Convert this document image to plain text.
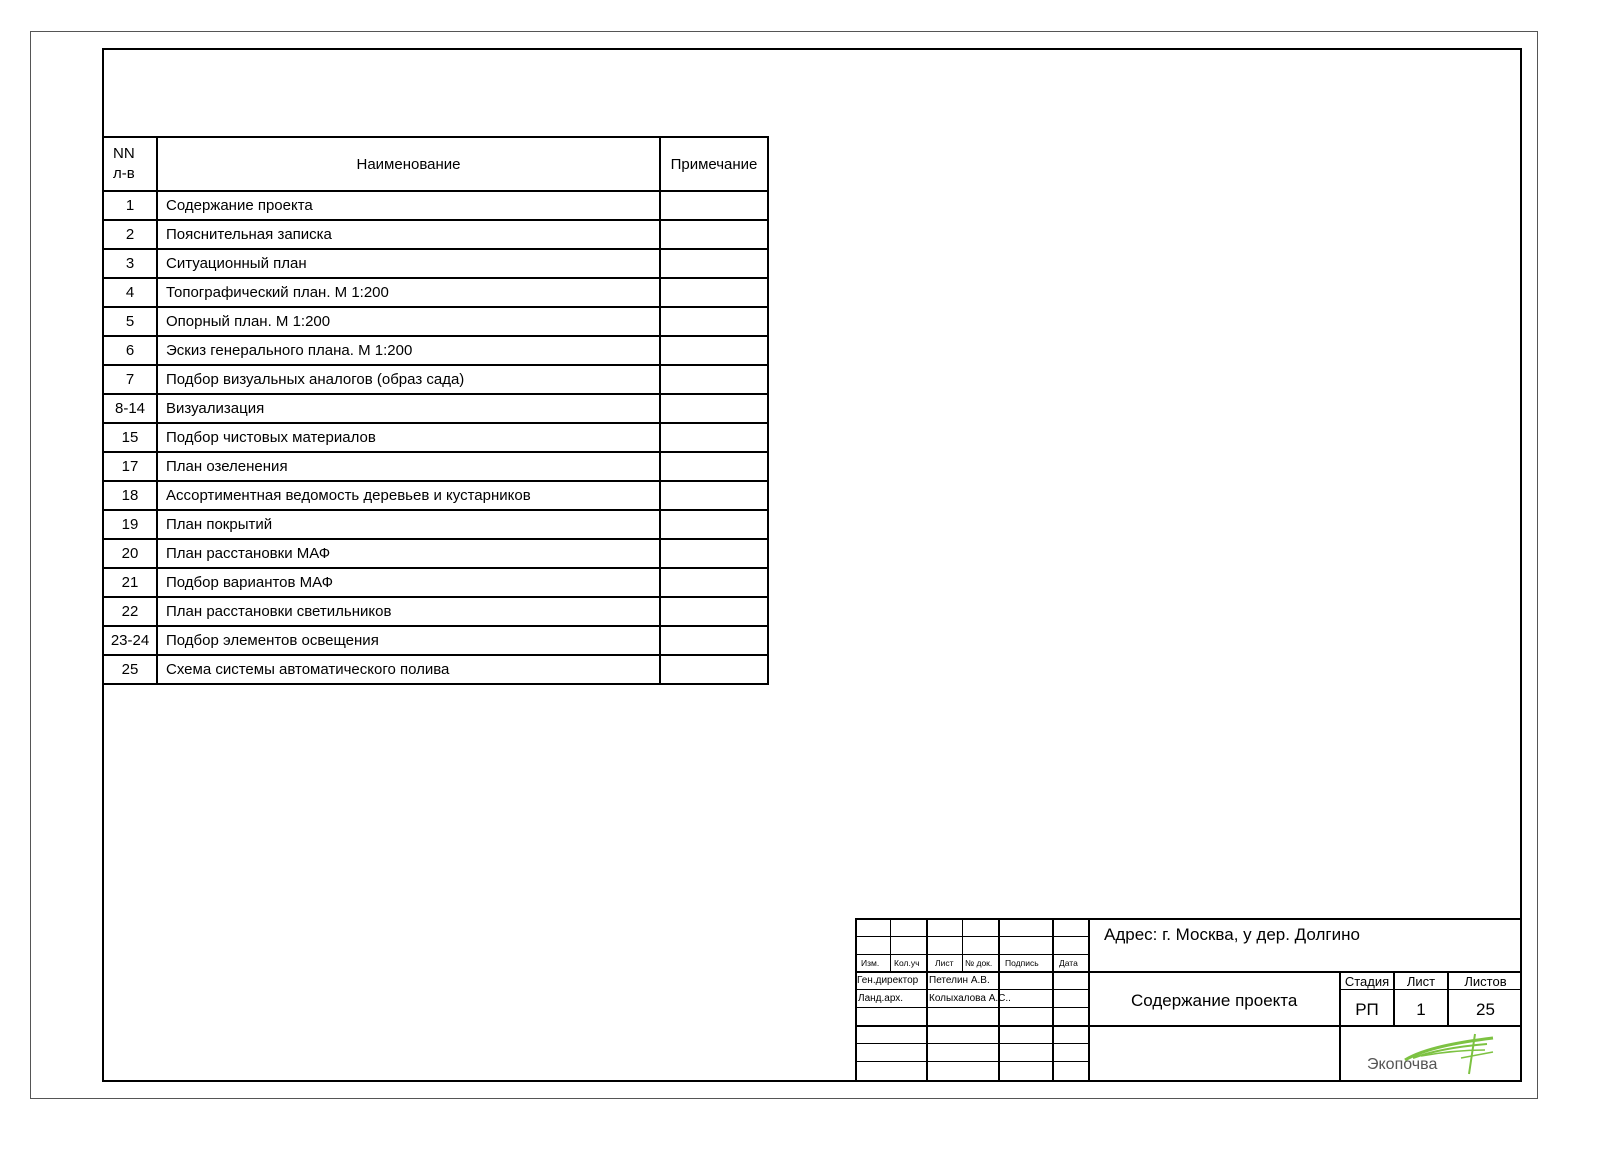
NN
л-в	Наименование	Примечание
1	Содержание проекта	
2	Пояснительная записка	
3	Ситуационный план	
4	Топографический план. М 1:200	
5	Опорный план. М 1:200	
6	Эскиз генерального плана. М 1:200	
7	Подбор визуальных аналогов (образ сада)	
8-14	Визуализация	
15	Подбор чистовых материалов	
17	План озеленения	
18	Ассортиментная ведомость деревьев и кустарников	
19	План покрытий	
20	План расстановки МАФ	
21	Подбор вариантов МАФ	
22	План расстановки светильников	
23-24	Подбор элементов освещения	
25	Схема системы автоматического полива	
Изм. Кол.уч Лист № док. Подпись Дата
Ген.директор Петелин А.В.
Ланд.арх.	Колыхалова А.С..
Адрес: г. Москва, у дер. Долгино
Содержание проекта
Стадия	Лист	Листов
РП	1	25
Экопочва
